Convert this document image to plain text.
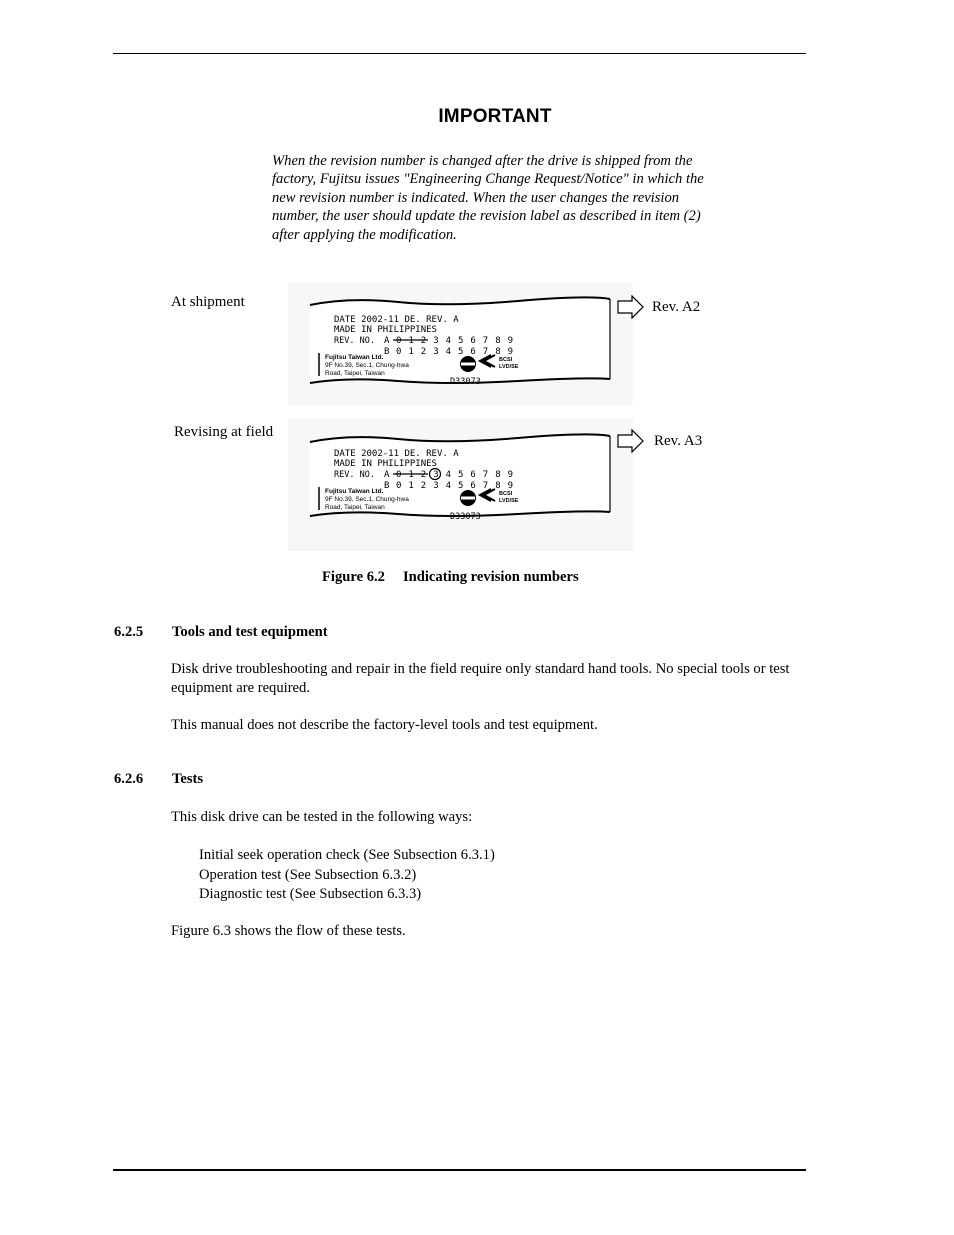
IMPORTANT
When the revision number is changed after the drive is shipped from the factory, Fujitsu issues "Engineering Change Request/Notice" in which the new revision number is indicated. When the user changes the revision number, the user should update the revision label as described in item (2) after applying the modification.
At shipment
DATE 2002-11 DE. REV. A
MADE IN PHILIPPINES
REV. NO. A
B
0 1 2 3 4 5 6 7 8 9
0 1 2 3 4 5 6 7 8 9
Fujitsu Taiwan Ltd.
9F No.39, Sec.1, Chung-hwa
Road, Taipei, Taiwan
BCSI
LVD/SE
D33073
Rev. A2
Revising at field
DATE 2002-11 DE. REV. A
MADE IN PHILIPPINES
REV. NO. A
B
0 1 2 3 4 5 6 7 8 9
0 1 2 3 4 5 6 7 8 9
Fujitsu Taiwan Ltd.
9F No.39, Sec.1, Chung-hwa
Road, Taipei, Taiwan
BCSI
LVD/SE
D33073
Rev. A3
Figure 6.2 Indicating revision numbers
6.2.5 Tools and test equipment
Disk drive troubleshooting and repair in the field require only standard hand tools. No special tools or test equipment are required.
This manual does not describe the factory-level tools and test equipment.
6.2.6 Tests
This disk drive can be tested in the following ways:
Initial seek operation check (See Subsection 6.3.1)
Operation test (See Subsection 6.3.2)
Diagnostic test (See Subsection 6.3.3)
Figure 6.3 shows the flow of these tests.
